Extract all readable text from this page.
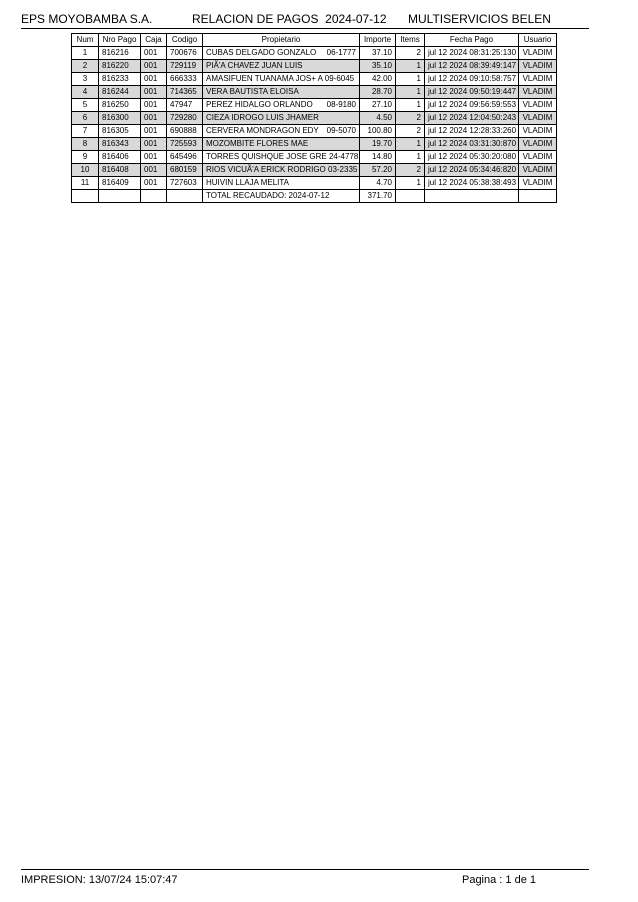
EPS MOYOBAMBA S.A.	RELACION DE PAGOS  2024-07-12 MULTISERVICIOS BELEN
Num	Nro Pago	Caja	Codigo	Propietario	Importe	Items	Fecha Pago	Usuario
1	816216	001	700676	CUBAS DELGADO GONZALO 06-1777	37.10	2	jul 12 2024 08:31:25:130	VLADIM
2	816220	001	729119	PIÃ'A CHAVEZ JUAN LUIS	35.10	1	jul 12 2024 08:39:49:147	VLADIM
3	816233	001	666333	AMASIFUEN TUANAMA JOS+ A 09-6045	42.00	1	jul 12 2024 09:10:58:757	VLADIM
4	816244	001	714365	VERA BAUTISTA ELOISA	28.70	1	jul 12 2024 09:50:19:447	VLADIM
5	816250	001	47947	PEREZ HIDALGO ORLANDO 08-9180	27.10	1	jul 12 2024 09:56:59:553	VLADIM
6	816300	001	729280	CIEZA IDROGO LUIS JHAMER	4.50	2	jul 12 2024 12:04:50:243	VLADIM
7	816305	001	690888	CERVERA MONDRAGON EDY 09-5070	100.80	2	jul 12 2024 12:28:33:260	VLADIM
8	816343	001	725593	MOZOMBITE FLORES MAE	19.70	1	jul 12 2024 03:31:30:870	VLADIM
9	816406	001	645496	TORRES QUISHQUE JOSE GRE 24-4778	14.80	1	jul 12 2024 05:30:20:080	VLADIM
10	816408	001	680159	RIOS VICUÃ'A ERICK RODRIGO 03-2335	57.20	2	jul 12 2024 05:34:46:820	VLADIM
11	816409	001	727603	HUIVIN LLAJA MELITA	4.70	1	jul 12 2024 05:38:38:493	VLADIM
				TOTAL RECAUDADO: 2024-07-12	371.70			
IMPRESION: 13/07/24 15:07:47	Pagina : 1 de 1
